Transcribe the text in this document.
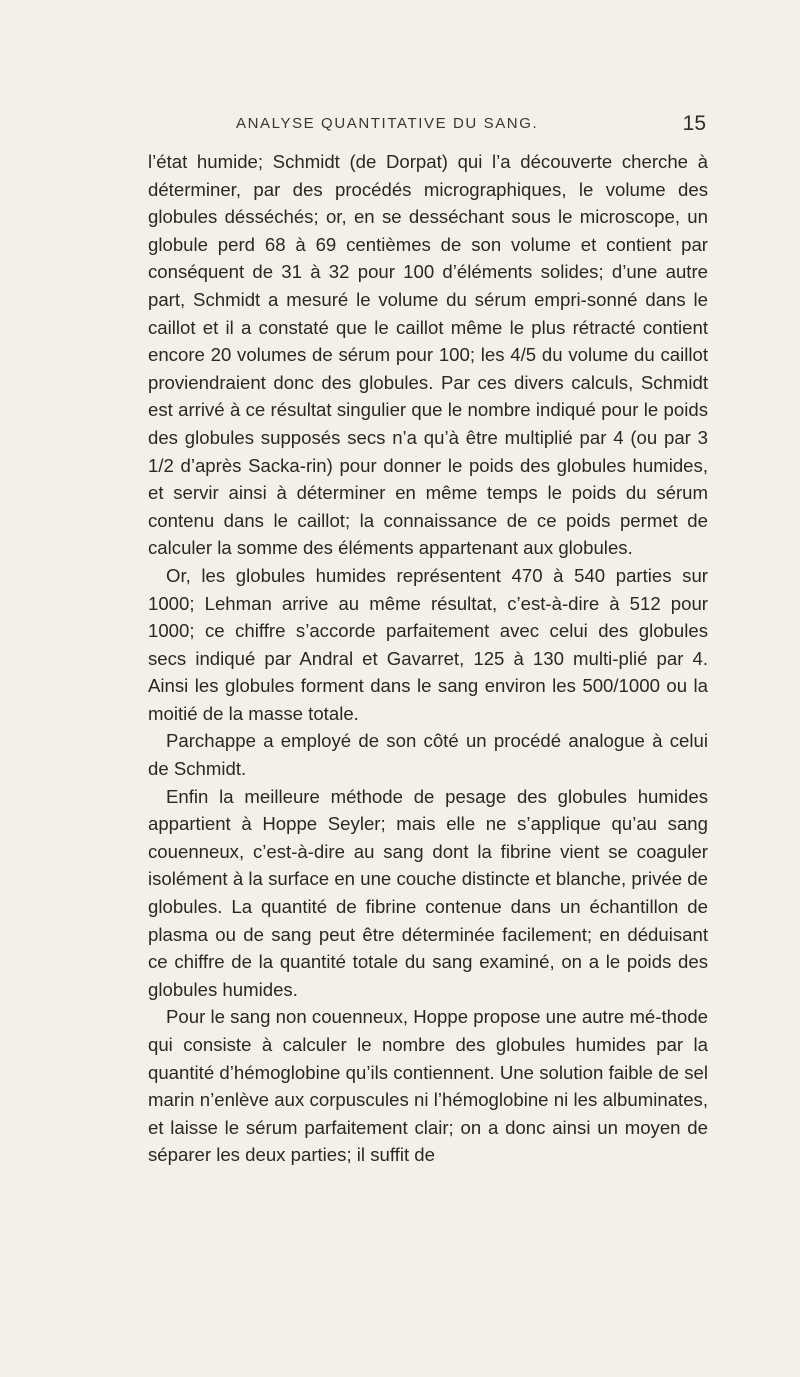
ANALYSE QUANTITATIVE DU SANG.	15

l’état humide; Schmidt (de Dorpat) qui l’a découverte cherche à déterminer, par des procédés micrographiques, le volume des globules désséchés; or, en se desséchant sous le microscope, un globule perd 68 à 69 centièmes de son volume et contient par conséquent de 31 à 32 pour 100 d’éléments solides; d’une autre part, Schmidt a mesuré le volume du sérum empri-sonné dans le caillot et il a constaté que le caillot même le plus rétracté contient encore 20 volumes de sérum pour 100; les 4/5 du volume du caillot proviendraient donc des globules. Par ces divers calculs, Schmidt est arrivé à ce résultat singulier que le nombre indiqué pour le poids des globules supposés secs n’a qu’à être multiplié par 4 (ou par 3 1/2 d’après Sacka-rin) pour donner le poids des globules humides, et servir ainsi à déterminer en même temps le poids du sérum contenu dans le caillot; la connaissance de ce poids permet de calculer la somme des éléments appartenant aux globules.

Or, les globules humides représentent 470 à 540 parties sur 1000; Lehman arrive au même résultat, c’est-à-dire à 512 pour 1000; ce chiffre s’accorde parfaitement avec celui des globules secs indiqué par Andral et Gavarret, 125 à 130 multi-plié par 4. Ainsi les globules forment dans le sang environ les 500/1000 ou la moitié de la masse totale.

Parchappe a employé de son côté un procédé analogue à celui de Schmidt.

Enfin la meilleure méthode de pesage des globules humides appartient à Hoppe Seyler; mais elle ne s’applique qu’au sang couenneux, c’est-à-dire au sang dont la fibrine vient se coaguler isolément à la surface en une couche distincte et blanche, privée de globules. La quantité de fibrine contenue dans un échantillon de plasma ou de sang peut être déterminée facilement; en déduisant ce chiffre de la quantité totale du sang examiné, on a le poids des globules humides.

Pour le sang non couenneux, Hoppe propose une autre mé-thode qui consiste à calculer le nombre des globules humides par la quantité d’hémoglobine qu’ils contiennent. Une solution faible de sel marin n’enlève aux corpuscules ni l’hémoglobine ni les albuminates, et laisse le sérum parfaitement clair; on a donc ainsi un moyen de séparer les deux parties; il suffit de
